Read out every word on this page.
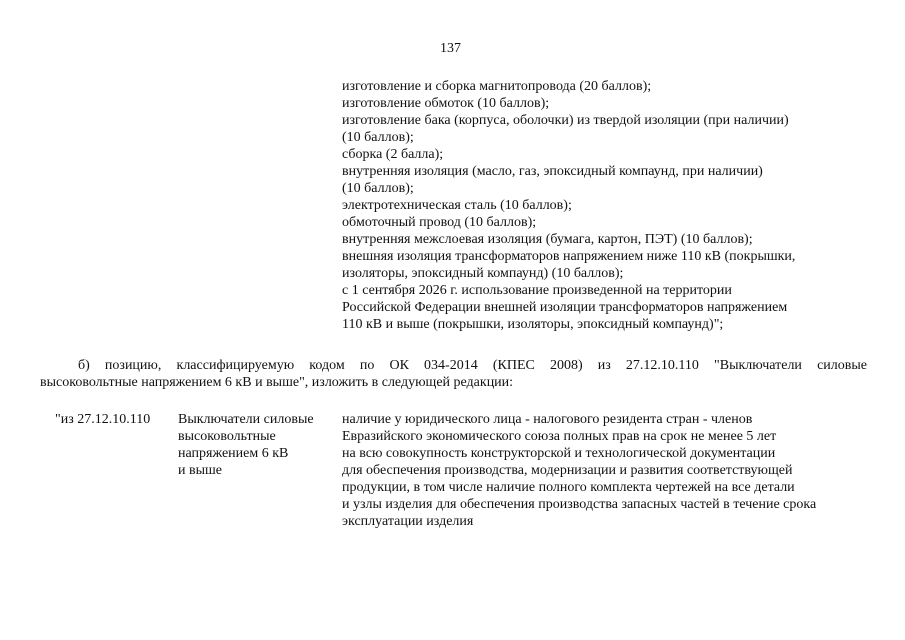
137
изготовление и сборка магнитопровода (20 баллов);
изготовление обмоток (10 баллов);
изготовление бака (корпуса, оболочки) из твердой изоляции (при наличии)
(10 баллов);
сборка (2 балла);
внутренняя изоляция (масло, газ, эпоксидный компаунд, при наличии)
(10 баллов);
электротехническая сталь (10 баллов);
обмоточный провод (10 баллов);
внутренняя межслоевая изоляция (бумага, картон, ПЭТ) (10 баллов);
внешняя изоляция трансформаторов напряжением ниже 110 кВ (покрышки,
изоляторы, эпоксидный компаунд) (10 баллов);
с 1 сентября 2026 г. использование произведенной на территории
Российской Федерации внешней изоляции трансформаторов напряжением
110 кВ и выше (покрышки, изоляторы, эпоксидный компаунд)";
б) позицию, классифицируемую кодом по ОК 034-2014 (КПЕС 2008) из 27.12.10.110 "Выключатели силовые
высоковольтные напряжением 6 кВ и выше", изложить в следующей редакции:
"из 27.12.10.110 Выключатели силовые
высоковольтные
напряжением 6 кВ
и выше
наличие у юридического лица - налогового резидента стран - членов
Евразийского экономического союза полных прав на срок не менее 5 лет
на всю совокупность конструкторской и технологической документации
для обеспечения производства, модернизации и развития соответствующей
продукции, в том числе наличие полного комплекта чертежей на все детали
и узлы изделия для обеспечения производства запасных частей в течение срока
эксплуатации изделия
